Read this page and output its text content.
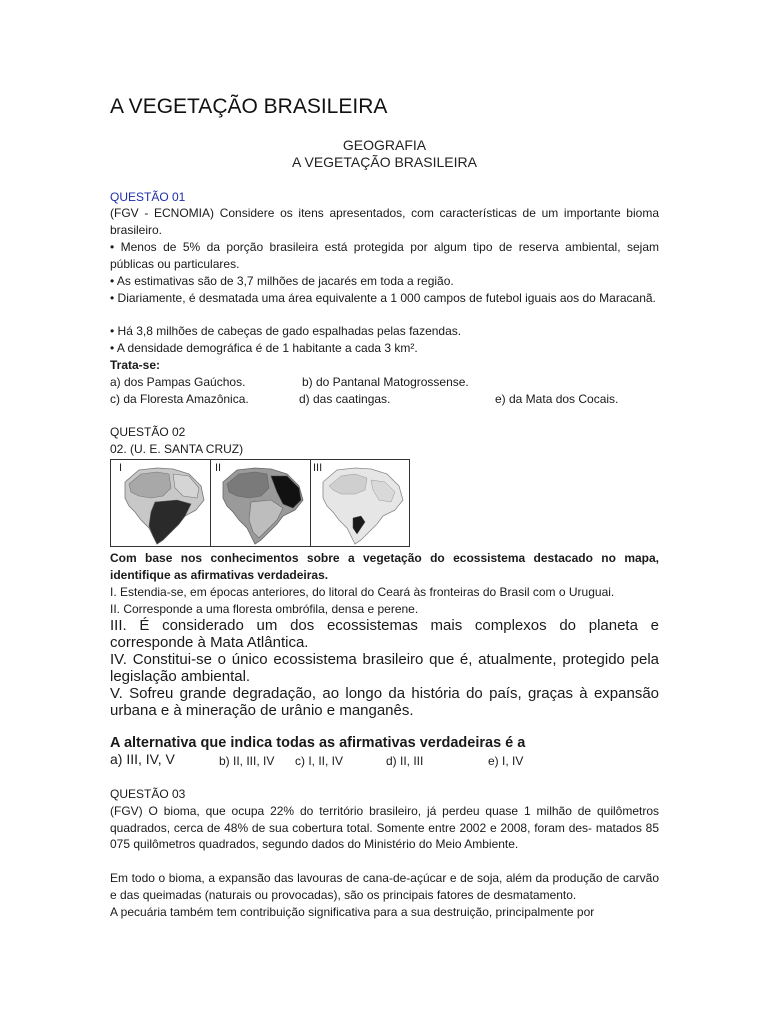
A VEGETAÇÃO BRASILEIRA
GEOGRAFIA
A VEGETAÇÃO BRASILEIRA
QUESTÃO 01
(FGV - ECNOMIA) Considere os itens apresentados, com características de um importante bioma brasileiro.
• Menos de 5% da porção brasileira está protegida por algum tipo de reserva ambiental, sejam públicas ou particulares.
• As estimativas são de 3,7 milhões de jacarés em toda a região.
• Diariamente, é desmatada uma área equivalente a 1 000 campos de futebol iguais aos do Maracanã.
• Há 3,8 milhões de cabeças de gado espalhadas pelas fazendas.
• A densidade demográfica é de 1 habitante a cada 3 km².
Trata-se:
a) dos Pampas Gaúchos.	b) do Pantanal Matogrossense.
c) da Floresta Amazônica.	d) das caatingas.	e) da Mata dos Cocais.
QUESTÃO 02
02. (U. E. SANTA CRUZ)
I	II	III
Com base nos conhecimentos sobre a vegetação do ecossistema destacado no mapa, identifique as afirmativas verdadeiras.
I. Estendia-se, em épocas anteriores, do litoral do Ceará às fronteiras do Brasil com o Uruguai.
II. Corresponde a uma floresta ombrófila, densa e perene.
III. É considerado um dos ecossistemas mais complexos do planeta e corresponde à Mata Atlântica.
IV. Constitui-se o único ecossistema brasileiro que é, atualmente, protegido pela legislação ambiental.
V. Sofreu grande degradação, ao longo da história do país, graças à expansão urbana e à mineração de urânio e manganês.
A alternativa que indica todas as afirmativas verdadeiras é a
a) III, IV, V	b) II, III, IV c) I, II, IV	d) II, III	e) I, IV
QUESTÃO 03
(FGV) O bioma, que ocupa 22% do território brasileiro, já perdeu quase 1 milhão de quilômetros quadrados, cerca de 48% de sua cobertura total. Somente entre 2002 e 2008, foram des- matados 85 075 quilômetros quadrados, segundo dados do Ministério do Meio Ambiente.
Em todo o bioma, a expansão das lavouras de cana-de-açúcar e de soja, além da produção de carvão e das queimadas (naturais ou provocadas), são os principais fatores de desmatamento.
A pecuária também tem contribuição significativa para a sua destruição, principalmente por
